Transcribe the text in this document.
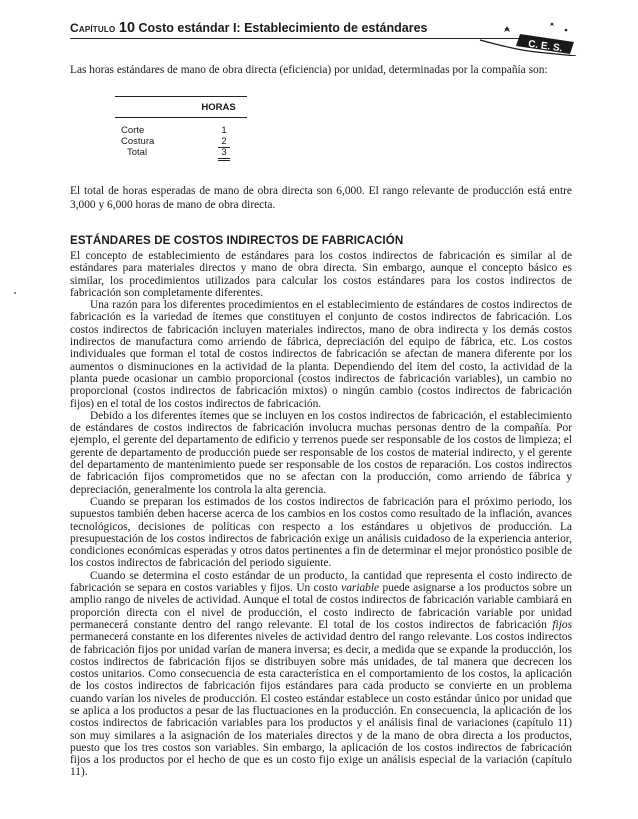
Capítulo 10 Costo estándar I: Establecimiento de estándares
C. E. S.

Las horas estándares de mano de obra directa (eficiencia) por unidad, determinadas por la compañía son:

HORAS
Corte	1
Costura	2
Total	3

El total de horas esperadas de mano de obra directa son 6,000. El rango relevante de producción está entre 3,000 y 6,000 horas de mano de obra directa.

ESTÁNDARES DE COSTOS INDIRECTOS DE FABRICACIÓN

El concepto de establecimiento de estándares para los costos indirectos de fabricación es similar al de estándares para materiales directos y mano de obra directa. Sin embargo, aunque el concepto básico es similar, los procedimientos utilizados para calcular los costos estándares para los costos indirectos de fabricación son completamente diferentes.

Una razón para los diferentes procedimientos en el establecimiento de estándares de costos indirectos de fabricación es la variedad de ítemes que constituyen el conjunto de costos indirectos de fabricación. Los costos indirectos de fabricación incluyen materiales indirectos, mano de obra indirecta y los demás costos indirectos de manufactura como arriendo de fábrica, depreciación del equipo de fábrica, etc. Los costos individuales que forman el total de costos indirectos de fabricación se afectan de manera diferente por los aumentos o disminuciones en la actividad de la planta. Dependiendo del ítem del costo, la actividad de la planta puede ocasionar un cambio proporcional (costos indirectos de fabricación variables), un cambio no proporcional (costos indirectos de fabricación mixtos) o ningún cambio (costos indirectos de fabricación fijos) en el total de los costos indirectos de fabricación.

Debido a los diferentes ítemes que se incluyen en los costos indirectos de fabricación, el establecimiento de estándares de costos indirectos de fabricación involucra muchas personas dentro de la compañía. Por ejemplo, el gerente del departamento de edificio y terrenos puede ser responsable de los costos de limpieza; el gerente de departamento de producción puede ser responsable de los costos de material indirecto, y el gerente del departamento de mantenimiento puede ser responsable de los costos de reparación. Los costos indirectos de fabricación fijos comprometidos que no se afectan con la producción, como arriendo de fábrica y depreciación, generalmente los controla la alta gerencia.

Cuando se preparan los estimados de los costos indirectos de fabricación para el próximo periodo, los supuestos también deben hacerse acerca de los cambios en los costos como resultado de la inflación, avances tecnológicos, decisiones de políticas con respecto a los estándares u objetivos de producción. La presupuestación de los costos indirectos de fabricación exige un análisis cuidadoso de la experiencia anterior, condiciones económicas esperadas y otros datos pertinentes a fin de determinar el mejor pronóstico posible de los costos indirectos de fabricación del periodo siguiente.

Cuando se determina el costo estándar de un producto, la cantidad que representa el costo indirecto de fabricación se separa en costos variables y fijos. Un costo variable puede asignarse a los productos sobre un amplio rango de niveles de actividad. Aunque el total de costos indirectos de fabricación variable cambiará en proporción directa con el nivel de producción, el costo indirecto de fabricación variable por unidad permanecerá constante dentro del rango relevante. El total de los costos indirectos de fabricación fijos permanecerá constante en los diferentes niveles de actividad dentro del rango relevante. Los costos indirectos de fabricación fijos por unidad varían de manera inversa; es decir, a medida que se expande la producción, los costos indirectos de fabricación fijos se distribuyen sobre más unidades, de tal manera que decrecen los costos unitarios. Como consecuencia de esta característica en el comportamiento de los costos, la aplicación de los costos indirectos de fabricación fijos estándares para cada producto se convierte en un problema cuando varían los niveles de producción. El costeo estándar establece un costo estándar único por unidad que se aplica a los productos a pesar de las fluctuaciones en la producción. En consecuencia, la aplicación de los costos indirectos de fabricación variables para los productos y el análisis final de variaciones (capítulo 11) son muy similares a la asignación de los materiales directos y de la mano de obra directa a los productos, puesto que los tres costos son variables. Sin embargo, la aplicación de los costos indirectos de fabricación fijos a los productos por el hecho de que es un costo fijo exige un análisis especial de la variación (capítulo 11).
